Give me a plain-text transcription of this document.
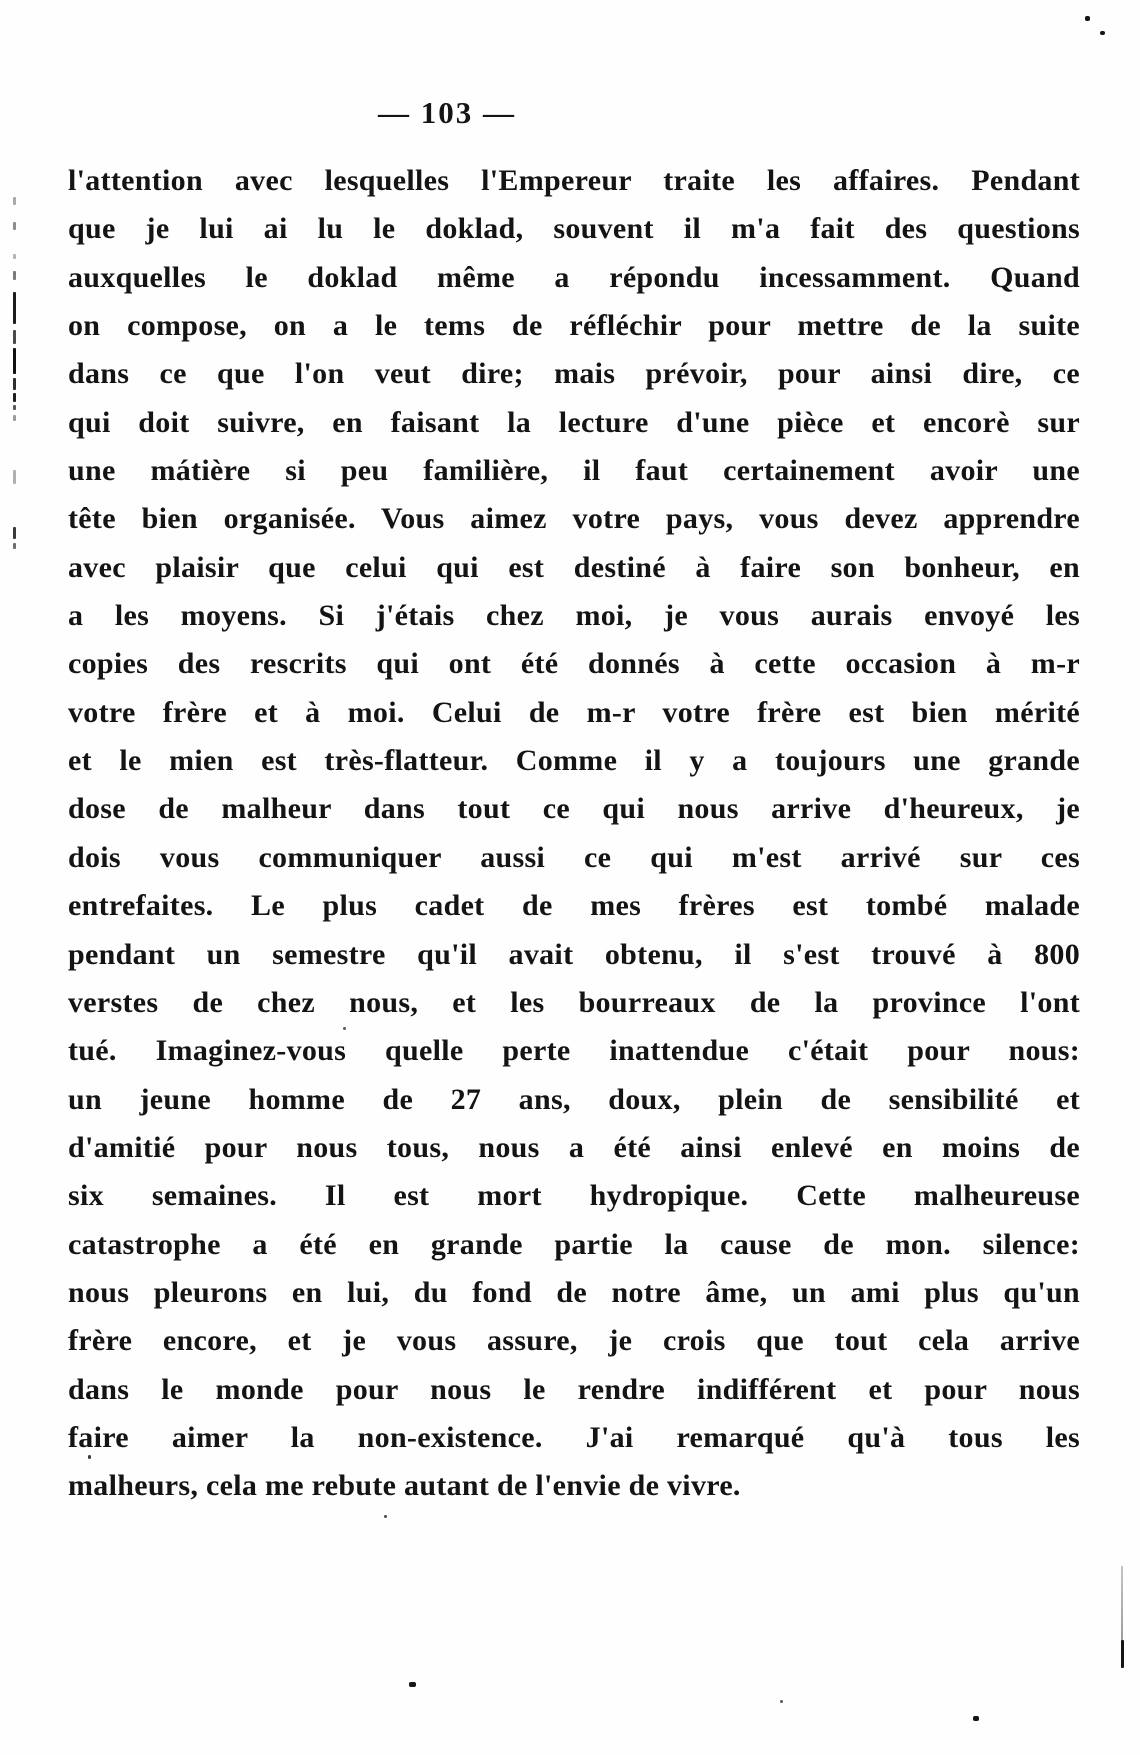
— 103 —
l'attention avec lesquelles l'Empereur traite les affaires. Pendant
que je lui ai lu le doklad, souvent il m'a fait des questions
auxquelles le doklad même a répondu incessamment. Quand
on compose, on a le tems de réfléchir pour mettre de la suite
dans ce que l'on veut dire; mais prévoir, pour ainsi dire, ce
qui doit suivre, en faisant la lecture d'une pièce et encorè sur
une mátière si peu familière, il faut certainement avoir une
tête bien organisée. Vous aimez votre pays, vous devez apprendre
avec plaisir que celui qui est destiné à faire son bonheur, en
a les moyens. Si j'étais chez moi, je vous aurais envoyé les
copies des rescrits qui ont été donnés à cette occasion à m-r
votre frère et à moi. Celui de m-r votre frère est bien mérité
et le mien est très-flatteur. Comme il y a toujours une grande
dose de malheur dans tout ce qui nous arrive d'heureux, je
dois vous communiquer aussi ce qui m'est arrivé sur ces
entrefaites. Le plus cadet de mes frères est tombé malade
pendant un semestre qu'il avait obtenu, il s'est trouvé à 800
verstes de chez nous, et les bourreaux de la province l'ont
tué. Imaginez-vous quelle perte inattendue c'était pour nous:
un jeune homme de 27 ans, doux, plein de sensibilité et
d'amitié pour nous tous, nous a été ainsi enlevé en moins de
six semaines. Il est mort hydropique. Cette malheureuse
catastrophe a été en grande partie la cause de mon. silence:
nous pleurons en lui, du fond de notre âme, un ami plus qu'un
frère encore, et je vous assure, je crois que tout cela arrive
dans le monde pour nous le rendre indifférent et pour nous
faire aimer la non-existence. J'ai remarqué qu'à tous les
malheurs, cela me rebute autant de l'envie de vivre.
